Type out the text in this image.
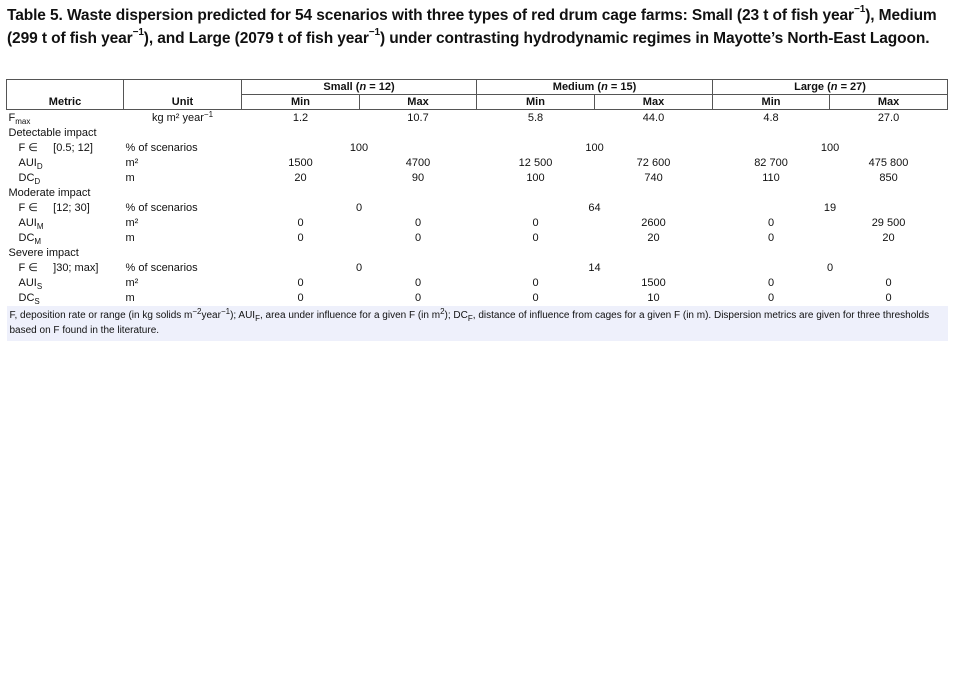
Table 5. Waste dispersion predicted for 54 scenarios with three types of red drum cage farms: Small (23 t of fish year$^{-1}$), Medium (299 t of fish year$^{-1}$), and Large (2079 t of fish year$^{-1}$) under contrasting hydrodynamic regimes in Mayotte’s North-East Lagoon.
		Small (n = 12)		Medium (n = 15)		Large (n = 27)	
Metric	Unit	Min	Max	Min	Max	Min	Max
$F_{max}$	kg m² year$^{-1}$	1.2	10.7	5.8	44.0	4.8	27.0
Detectable impact							
F ∈ [0.5; 12]	% of scenarios	100		100		100	
$AUI_D$	m²	1500	4700	12 500	72 600	82 700	475 800
$DC_D$	m	20	90	100	740	110	850
Moderate impact							
F ∈ [12; 30]	% of scenarios	0		64		19	
$AUI_M$	m²	0	0	0	2600	0	29 500
$DC_M$	m	0	0	0	20	0	20
Severe impact							
F ∈ ]30; max]	% of scenarios	0		14		0	
$AUI_S$	m²	0	0	0	1500	0	0
$DC_S$	m	0	0	0	10	0	0
F, deposition rate or range (in kg solids $m^{-2}year^{-1}$); $AUI_F$, area under influence for a given F (in $m^2$); $DC_F$, distance of influence from cages for a given F (in m). Dispersion metrics are given for three thresholds based on F found in the literature.							
